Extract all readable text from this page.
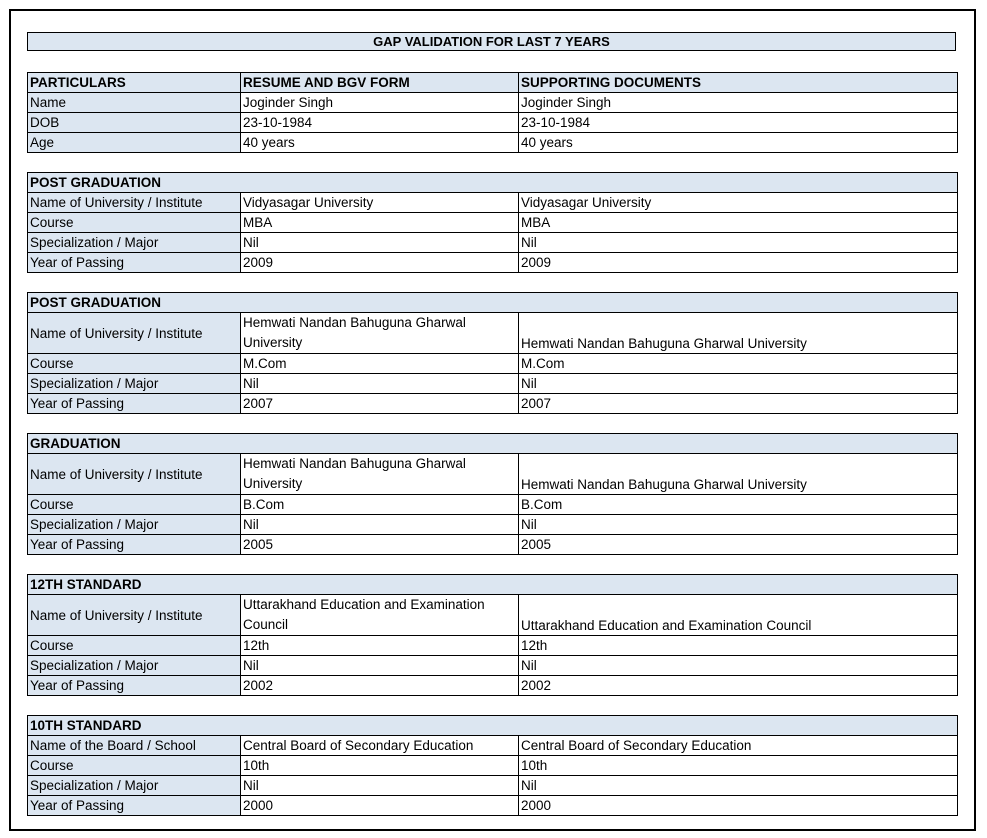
GAP VALIDATION FOR LAST 7 YEARS
PARTICULARS	RESUME AND BGV FORM	SUPPORTING DOCUMENTS
Name	Joginder Singh	Joginder Singh
DOB	23-10-1984	23-10-1984
Age	40 years	40 years
POST GRADUATION		
Name of University / Institute	Vidyasagar University	Vidyasagar University
Course	MBA	MBA
Specialization / Major	Nil	Nil
Year of Passing	2009	2009
POST GRADUATION		
Name of University / Institute	Hemwati Nandan Bahuguna Gharwal University	Hemwati Nandan Bahuguna Gharwal University
Course	M.Com	M.Com
Specialization / Major	Nil	Nil
Year of Passing	2007	2007
GRADUATION		
Name of University / Institute	Hemwati Nandan Bahuguna Gharwal University	Hemwati Nandan Bahuguna Gharwal University
Course	B.Com	B.Com
Specialization / Major	Nil	Nil
Year of Passing	2005	2005
12TH STANDARD		
Name of University / Institute	Uttarakhand Education and Examination Council	Uttarakhand Education and Examination Council
Course	12th	12th
Specialization / Major	Nil	Nil
Year of Passing	2002	2002
10TH STANDARD		
Name of the Board / School	Central Board of Secondary Education	Central Board of Secondary Education
Course	10th	10th
Specialization / Major	Nil	Nil
Year of Passing	2000	2000
